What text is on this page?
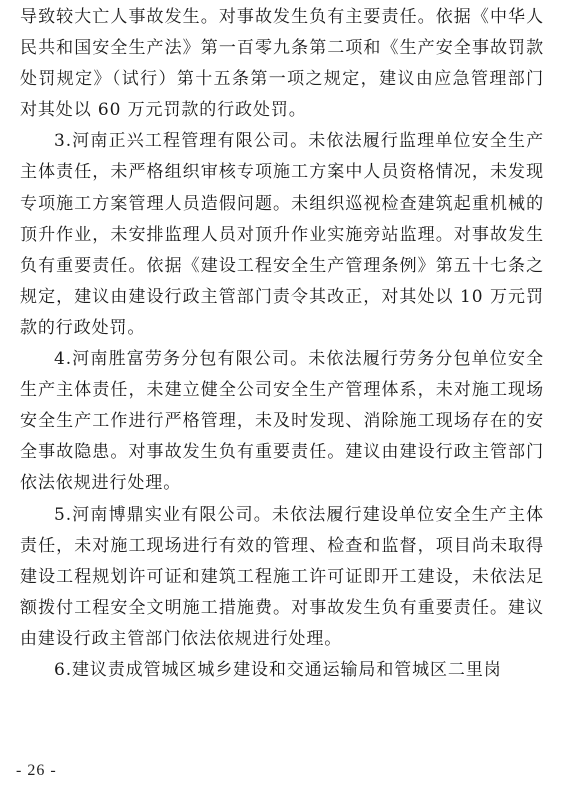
导致较大亡人事故发生。对事故发生负有主要责任。依据《中华人民共和国安全生产法》第一百零九条第二项和《生产安全事故罚款处罚规定》（试行）第十五条第一项之规定，建议由应急管理部门对其处以 60 万元罚款的行政处罚。

3.河南正兴工程管理有限公司。未依法履行监理单位安全生产主体责任，未严格组织审核专项施工方案中人员资格情况，未发现专项施工方案管理人员造假问题。未组织巡视检查建筑起重机械的顶升作业，未安排监理人员对顶升作业实施旁站监理。对事故发生负有重要责任。依据《建设工程安全生产管理条例》第五十七条之规定，建议由建设行政主管部门责令其改正，对其处以 10 万元罚款的行政处罚。

4.河南胜富劳务分包有限公司。未依法履行劳务分包单位安全生产主体责任，未建立健全公司安全生产管理体系，未对施工现场安全生产工作进行严格管理，未及时发现、消除施工现场存在的安全事故隐患。对事故发生负有重要责任。建议由建设行政主管部门依法依规进行处理。

5.河南博鼎实业有限公司。未依法履行建设单位安全生产主体责任，未对施工现场进行有效的管理、检查和监督，项目尚未取得建设工程规划许可证和建筑工程施工许可证即开工建设，未依法足额拨付工程安全文明施工措施费。对事故发生负有重要责任。建议由建设行政主管部门依法依规进行处理。

6.建议责成管城区城乡建设和交通运输局和管城区二里岗

- 26 -
